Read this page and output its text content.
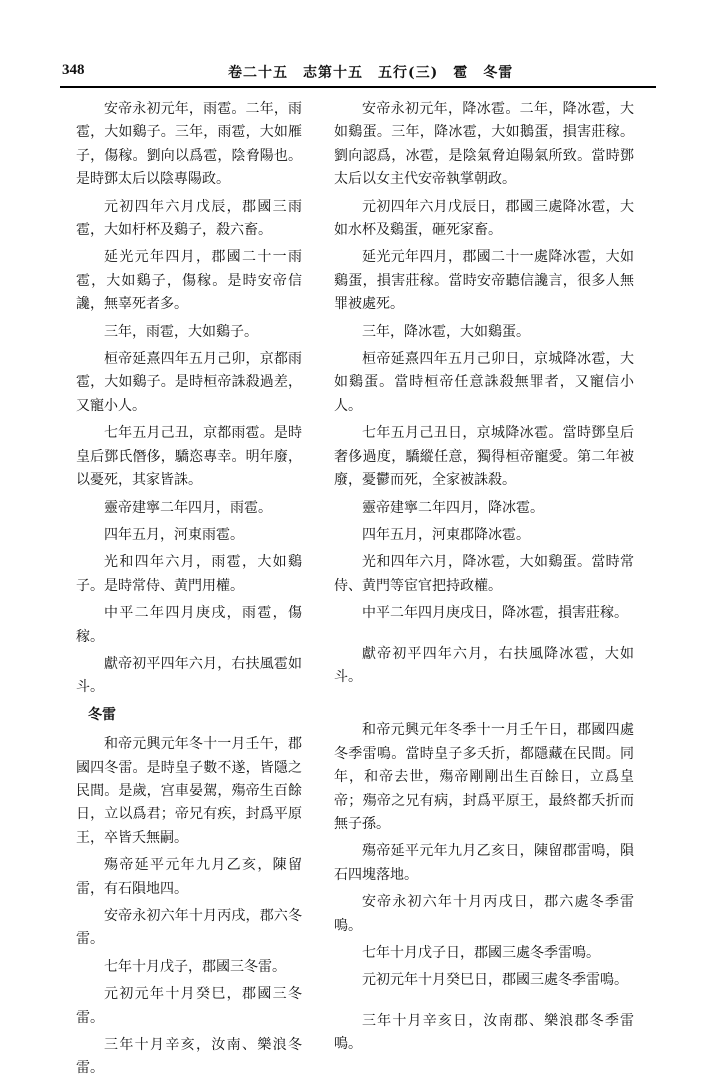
348	卷二十五　志第十五　五行(三)　雹　冬雷

安帝永初元年，雨雹。二年，雨雹，大如鷄子。三年，雨雹，大如雁子，傷稼。劉向以爲雹，陰脅陽也。是時鄧太后以陰專陽政。

元初四年六月戊辰，郡國三雨雹，大如杅杯及鷄子，殺六畜。

延光元年四月，郡國二十一雨雹，大如鷄子，傷稼。是時安帝信讒，無辜死者多。

三年，雨雹，大如鷄子。

桓帝延熹四年五月己卯，京都雨雹，大如鷄子。是時桓帝誅殺過差，又寵小人。

七年五月己丑，京都雨雹。是時皇后鄧氏僭侈，驕恣專幸。明年廢，以憂死，其家皆誅。

靈帝建寧二年四月，雨雹。

四年五月，河東雨雹。

光和四年六月，雨雹，大如鷄子。是時常侍、黄門用權。

中平二年四月庚戌，雨雹，傷稼。

獻帝初平四年六月，右扶風雹如斗。

冬雷

和帝元興元年冬十一月壬午，郡國四冬雷。是時皇子數不遂，皆隱之民間。是歲，宫車晏駕，殤帝生百餘日，立以爲君；帝兄有疾，封爲平原王，卒皆夭無嗣。

殤帝延平元年九月乙亥，陳留雷，有石隕地四。

安帝永初六年十月丙戌，郡六冬雷。

七年十月戊子，郡國三冬雷。

元初元年十月癸巳，郡國三冬雷。

三年十月辛亥，汝南、樂浪冬雷。

安帝永初元年，降冰雹。二年，降冰雹，大如鷄蛋。三年，降冰雹，大如鵝蛋，損害莊稼。劉向認爲，冰雹，是陰氣脅迫陽氣所致。當時鄧太后以女主代安帝執掌朝政。

元初四年六月戊辰日，郡國三處降冰雹，大如水杯及鷄蛋，砸死家畜。

延光元年四月，郡國二十一處降冰雹，大如鷄蛋，損害莊稼。當時安帝聽信讒言，很多人無罪被處死。

三年，降冰雹，大如鷄蛋。

桓帝延熹四年五月己卯日，京城降冰雹，大如鷄蛋。當時桓帝任意誅殺無罪者，又寵信小人。

七年五月己丑日，京城降冰雹。當時鄧皇后奢侈過度，驕縱任意，獨得桓帝寵愛。第二年被廢，憂鬱而死，全家被誅殺。

靈帝建寧二年四月，降冰雹。

四年五月，河東郡降冰雹。

光和四年六月，降冰雹，大如鷄蛋。當時常侍、黄門等宦官把持政權。

中平二年四月庚戌日，降冰雹，損害莊稼。

獻帝初平四年六月，右扶風降冰雹，大如斗。

和帝元興元年冬季十一月壬午日，郡國四處冬季雷鳴。當時皇子多夭折，都隱藏在民間。同年，和帝去世，殤帝剛剛出生百餘日，立爲皇帝；殤帝之兄有病，封爲平原王，最終都夭折而無子孫。

殤帝延平元年九月乙亥日，陳留郡雷鳴，隕石四塊落地。

安帝永初六年十月丙戌日，郡六處冬季雷鳴。

七年十月戊子日，郡國三處冬季雷鳴。

元初元年十月癸巳日，郡國三處冬季雷鳴。

三年十月辛亥日，汝南郡、樂浪郡冬季雷鳴。
